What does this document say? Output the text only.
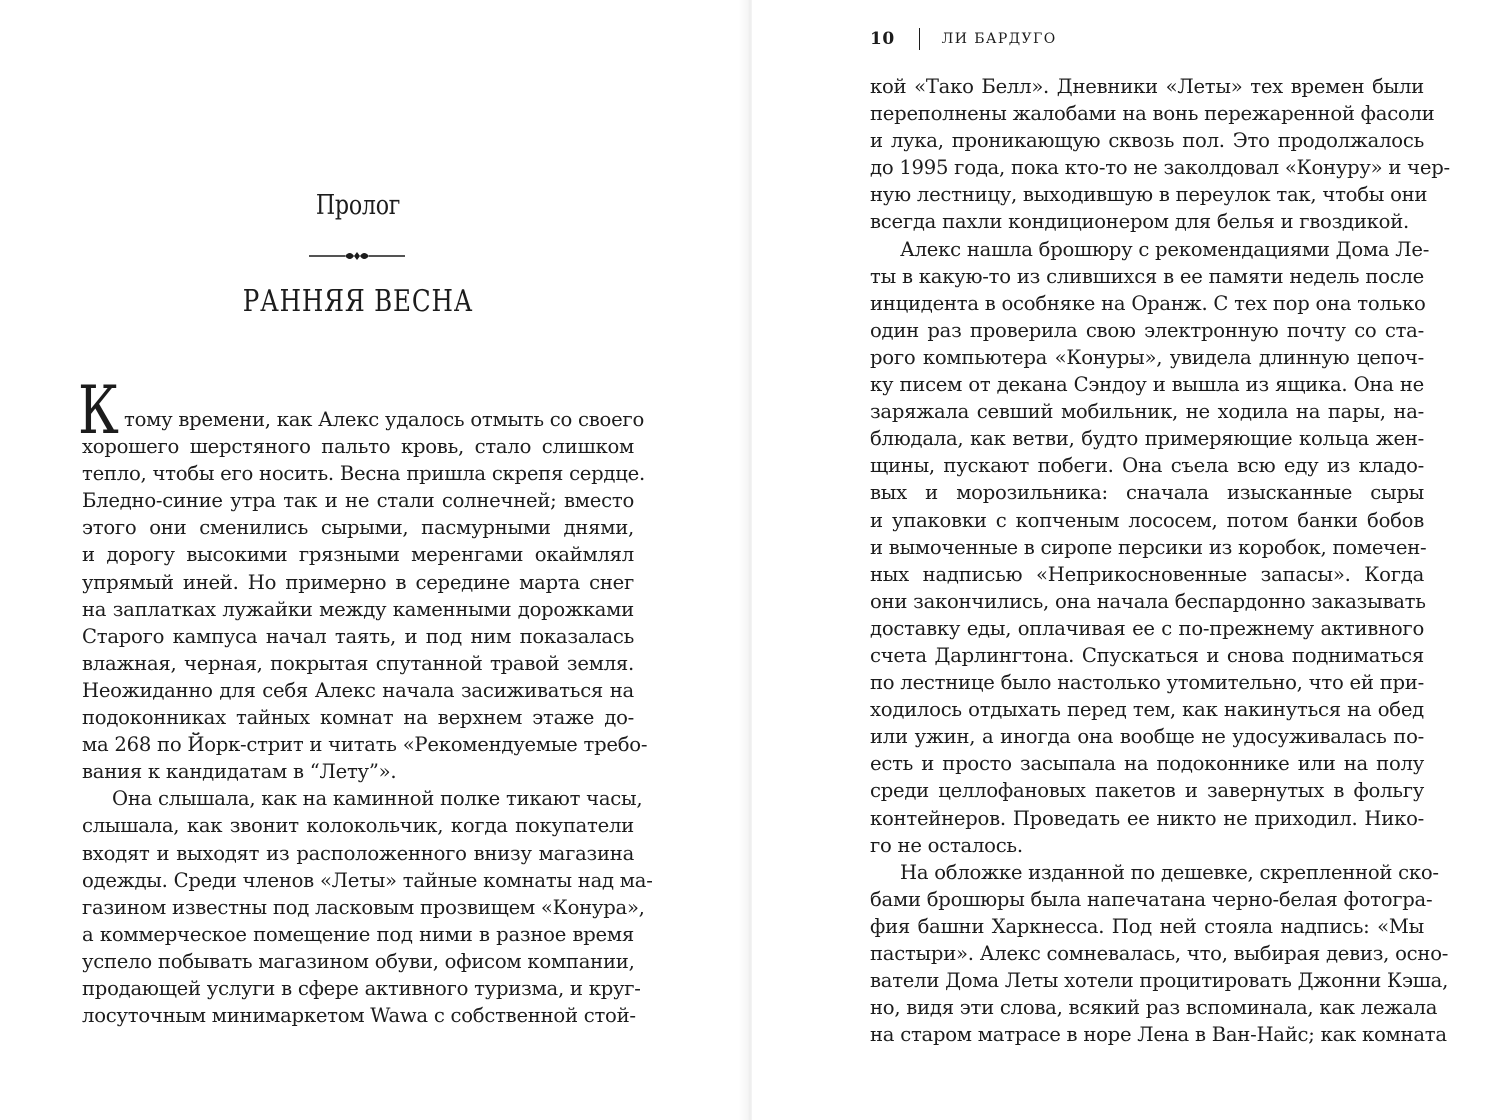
Пролог
РАННЯЯ ВЕСНА
К тому времени, как Алекс удалось отмыть со своего
хорошего шерстяного пальто кровь, стало слишком
тепло, чтобы его носить. Весна пришла скрепя сердце.
Бледно-синие утра так и не стали солнечней; вместо
этого они сменились сырыми, пасмурными днями,
и дорогу высокими грязными меренгами окаймлял
упрямый иней. Но примерно в середине марта снег
на заплатках лужайки между каменными дорожками
Старого кампуса начал таять, и под ним показалась
влажная, черная, покрытая спутанной травой земля.
Неожиданно для себя Алекс начала засиживаться на
подоконниках тайных комнат на верхнем этаже до-
ма 268 по Йорк-стрит и читать «Рекомендуемые требо-
вания к кандидатам в “Лету”».
Она слышала, как на каминной полке тикают часы,
слышала, как звонит колокольчик, когда покупатели
входят и выходят из расположенного внизу магазина
одежды. Среди членов «Леты» тайные комнаты над ма-
газином известны под ласковым прозвищем «Конура»,
а коммерческое помещение под ними в разное время
успело побывать магазином обуви, офисом компании,
продающей услуги в сфере активного туризма, и круг-
лосуточным минимаркетом Wawa с собственной стой-
10	ЛИ БАРДУГО
кой «Тако Белл». Дневники «Леты» тех времен были
переполнены жалобами на вонь пережаренной фасоли
и лука, проникающую сквозь пол. Это продолжалось
до 1995 года, пока кто-то не заколдовал «Конуру» и чер-
ную лестницу, выходившую в переулок так, чтобы они
всегда пахли кондиционером для белья и гвоздикой.
Алекс нашла брошюру с рекомендациями Дома Ле-
ты в какую-то из слившихся в ее памяти недель после
инцидента в особняке на Оранж. С тех пор она только
один раз проверила свою электронную почту со ста-
рого компьютера «Конуры», увидела длинную цепоч-
ку писем от декана Сэндоу и вышла из ящика. Она не
заряжала севший мобильник, не ходила на пары, на-
блюдала, как ветви, будто примеряющие кольца жен-
щины, пускают побеги. Она съела всю еду из кладо-
вых и морозильника: сначала изысканные сыры
и упаковки с копченым лососем, потом банки бобов
и вымоченные в сиропе персики из коробок, помечен-
ных надписью «Неприкосновенные запасы». Когда
они закончились, она начала беспардонно заказывать
доставку еды, оплачивая ее с по-прежнему активного
счета Дарлингтона. Спускаться и снова подниматься
по лестнице было настолько утомительно, что ей при-
ходилось отдыхать перед тем, как накинуться на обед
или ужин, а иногда она вообще не удосуживалась по-
есть и просто засыпала на подоконнике или на полу
среди целлофановых пакетов и завернутых в фольгу
контейнеров. Проведать ее никто не приходил. Нико-
го не осталось.
На обложке изданной по дешевке, скрепленной ско-
бами брошюры была напечатана черно-белая фотогра-
фия башни Харкнесса. Под ней стояла надпись: «Мы
пастыри». Алекс сомневалась, что, выбирая девиз, осно-
ватели Дома Леты хотели процитировать Джонни Кэша,
но, видя эти слова, всякий раз вспоминала, как лежала
на старом матрасе в норе Лена в Ван-Найс; как комната
